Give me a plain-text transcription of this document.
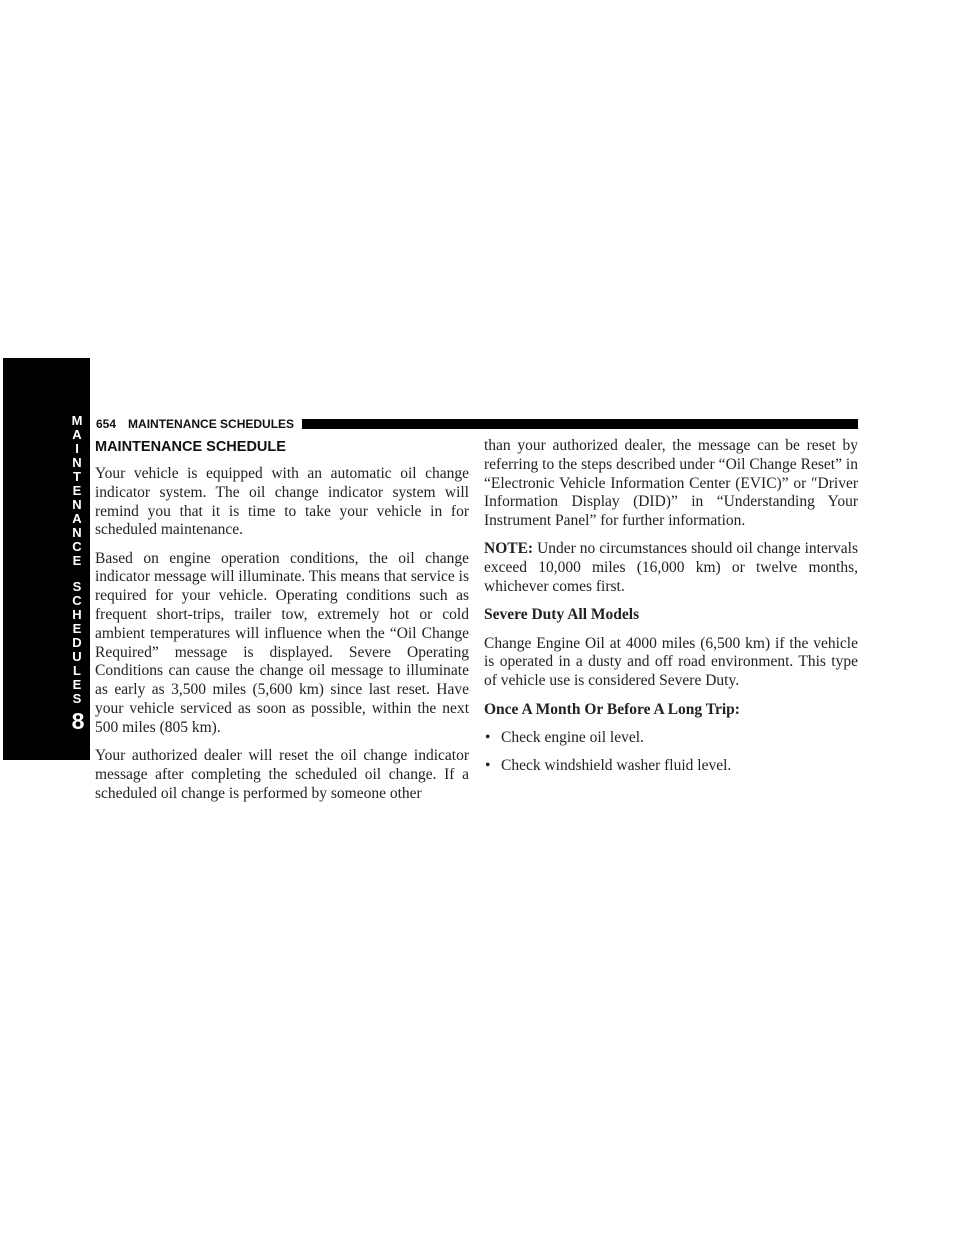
M
A
I
N
T
E
N
A
N
C
E
S
C
H
E
D
U
L
E
S
8
654 MAINTENANCE SCHEDULES
MAINTENANCE SCHEDULE

Your vehicle is equipped with an automatic oil change indicator system. The oil change indicator system will remind you that it is time to take your vehicle in for scheduled maintenance.

Based on engine operation conditions, the oil change indicator message will illuminate. This means that service is required for your vehicle. Operating conditions such as frequent short-trips, trailer tow, extremely hot or cold ambient temperatures will influence when the “Oil Change Required” message is displayed. Severe Operating Conditions can cause the change oil message to illuminate as early as 3,500 miles (5,600 km) since last reset. Have your vehicle serviced as soon as possible, within the next 500 miles (805 km).

Your authorized dealer will reset the oil change indicator message after completing the scheduled oil change. If a scheduled oil change is performed by someone other

than your authorized dealer, the message can be reset by referring to the steps described under “Oil Change Reset” in “Electronic Vehicle Information Center (EVIC)” or ″Driver Information Display (DID)” in “Understanding Your Instrument Panel” for further information.

NOTE: Under no circumstances should oil change intervals exceed 10,000 miles (16,000 km) or twelve months, whichever comes first.

Severe Duty All Models

Change Engine Oil at 4000 miles (6,500 km) if the vehicle is operated in a dusty and off road environment. This type of vehicle use is considered Severe Duty.

Once A Month Or Before A Long Trip:
• Check engine oil level.
• Check windshield washer fluid level.
